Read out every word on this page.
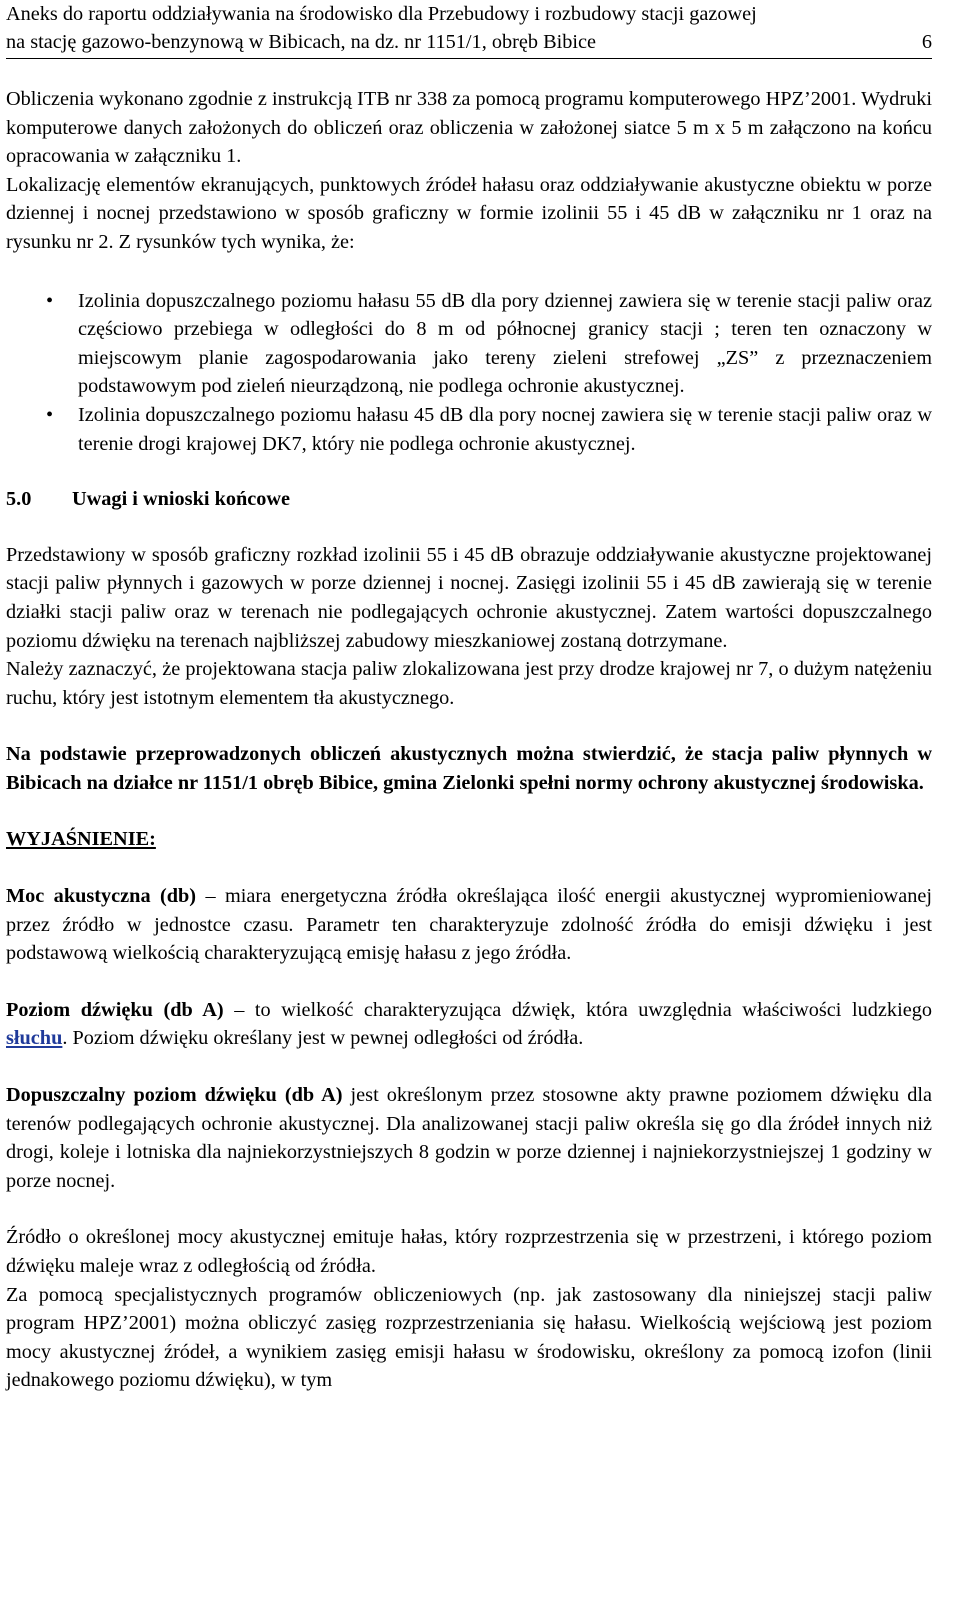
Aneks do raportu oddziaływania na środowisko dla Przebudowy i rozbudowy stacji gazowej
na stację gazowo-benzynową w Bibicach, na dz. nr 1151/1, obręb Bibice	6

Obliczenia wykonano zgodnie z instrukcją ITB nr 338 za pomocą programu komputerowego HPZ’2001. Wydruki komputerowe danych założonych do obliczeń oraz obliczenia w założonej siatce 5 m x 5 m załączono na końcu opracowania w załączniku 1.

Lokalizację elementów ekranujących, punktowych źródeł hałasu oraz oddziaływanie akustyczne obiektu w porze dziennej i nocnej przedstawiono w sposób graficzny w formie izolinii 55 i 45 dB w załączniku nr 1 oraz na rysunku nr 2. Z rysunków tych wynika, że:

• Izolinia dopuszczalnego poziomu hałasu 55 dB dla pory dziennej zawiera się w terenie stacji paliw oraz częściowo przebiega w odległości do 8 m od północnej granicy stacji ; teren ten oznaczony w miejscowym planie zagospodarowania jako tereny zieleni strefowej „ZS” z przeznaczeniem podstawowym pod zieleń nieurządzoną, nie podlega ochronie akustycznej.
• Izolinia dopuszczalnego poziomu hałasu 45 dB dla pory nocnej zawiera się w terenie stacji paliw oraz w terenie drogi krajowej DK7, który nie podlega ochronie akustycznej.
5.0	Uwagi i wnioski końcowe

Przedstawiony w sposób graficzny rozkład izolinii 55 i 45 dB obrazuje oddziaływanie akustyczne projektowanej stacji paliw płynnych i gazowych w porze dziennej i nocnej. Zasięgi izolinii 55 i 45 dB zawierają się w terenie działki stacji paliw oraz w terenach nie podlegających ochronie akustycznej. Zatem wartości dopuszczalnego poziomu dźwięku na terenach najbliższej zabudowy mieszkaniowej zostaną dotrzymane.

Należy zaznaczyć, że projektowana stacja paliw zlokalizowana jest przy drodze krajowej nr 7, o dużym natężeniu ruchu, który jest istotnym elementem tła akustycznego.

Na podstawie przeprowadzonych obliczeń akustycznych można stwierdzić, że stacja paliw płynnych w Bibicach na działce nr 1151/1 obręb Bibice, gmina Zielonki spełni normy ochrony akustycznej środowiska.

WYJAŚNIENIE:

Moc akustyczna (db) – miara energetyczna źródła określająca ilość energii akustycznej wypromieniowanej przez źródło w jednostce czasu. Parametr ten charakteryzuje zdolność źródła do emisji dźwięku i jest podstawową wielkością charakteryzującą emisję hałasu z jego źródła.

Poziom dźwięku (db A) – to wielkość charakteryzująca dźwięk, która uwzględnia właściwości ludzkiego słuchu. Poziom dźwięku określany jest w pewnej odległości od źródła.

Dopuszczalny poziom dźwięku (db A) jest określonym przez stosowne akty prawne poziomem dźwięku dla terenów podlegających ochronie akustycznej. Dla analizowanej stacji paliw określa się go dla źródeł innych niż drogi, koleje i lotniska dla najniekorzystniejszych 8 godzin w porze dziennej i najniekorzystniejszej 1 godziny w porze nocnej.

Źródło o określonej mocy akustycznej emituje hałas, który rozprzestrzenia się w przestrzeni, i którego poziom dźwięku maleje wraz z odległością od źródła.

Za pomocą specjalistycznych programów obliczeniowych (np. jak zastosowany dla niniejszej stacji paliw program HPZ’2001) można obliczyć zasięg rozprzestrzeniania się hałasu. Wielkością wejściową jest poziom mocy akustycznej źródeł, a wynikiem zasięg emisji hałasu w środowisku, określony za pomocą izofon (linii jednakowego poziomu dźwięku), w tym
